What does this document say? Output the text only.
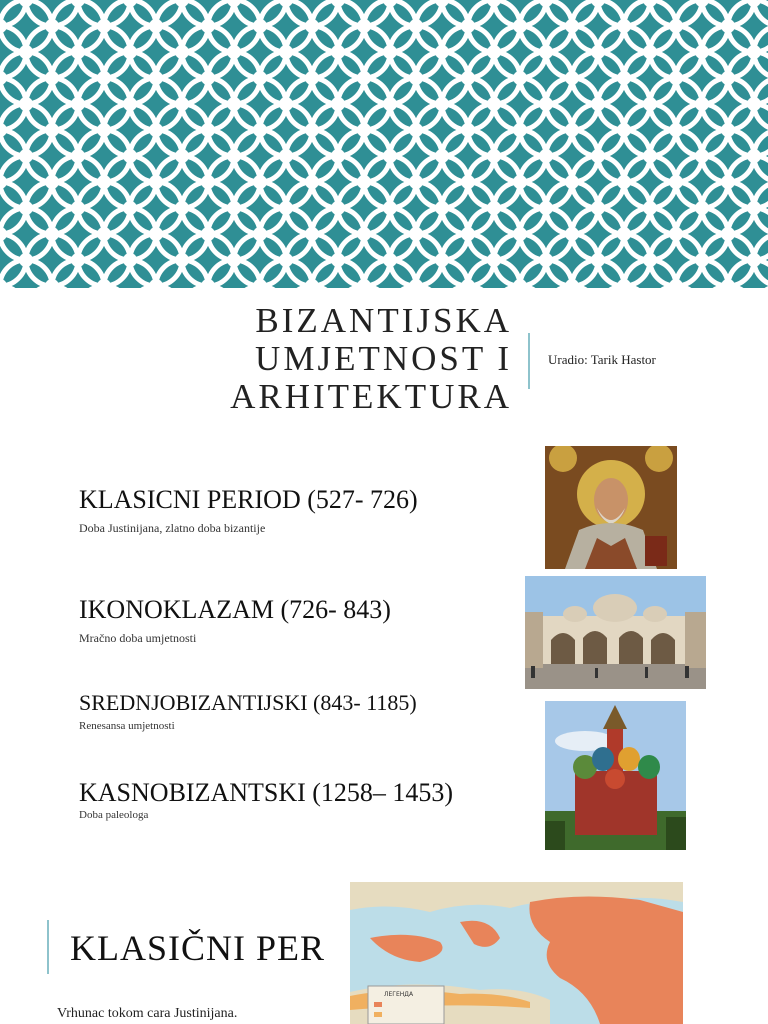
BIZANTIJSKA
UMJETNOST I
ARHITEKTURA
Uradio: Tarik Hastor
KLASICNI PERIOD (527- 726)
Doba Justinijana, zlatno doba bizantije
IKONOKLAZAM (726- 843)
Mračno doba umjetnosti
SREDNJOBIZANTIJSKI (843- 1185)
Renesansa umjetnosti
KASNOBIZANTSKI (1258– 1453)
Doba paleologa
ЛЕГЕНДА
KLASIČNI PER
Vrhunac tokom cara Justinijana.
